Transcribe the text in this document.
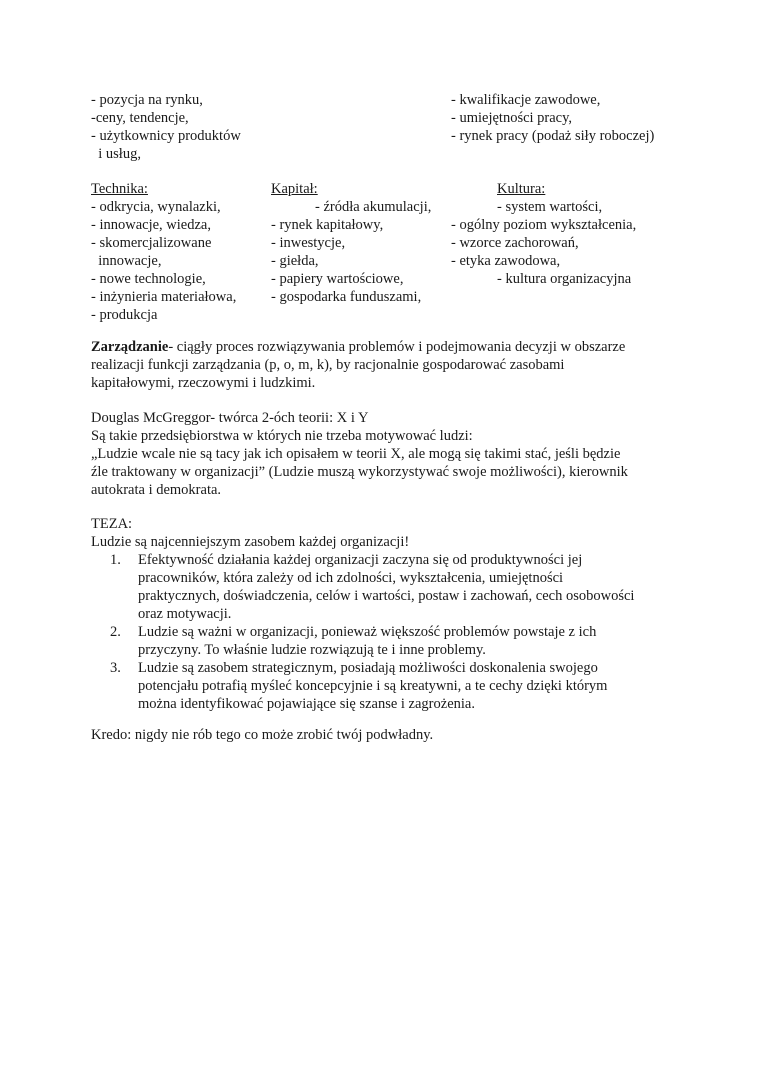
- pozycja na rynku,
-ceny, tendencje,
- użytkownicy produktów
i usług,
- kwalifikacje zawodowe,
- umiejętności pracy,
- rynek pracy (podaż siły roboczej)
Technika:
- odkrycia, wynalazki,
- innowacje, wiedza,
- skomercjalizowane
innowacje,
- nowe technologie,
- inżynieria materiałowa,
- produkcja
Kapitał:
- źródła akumulacji,
- rynek kapitałowy,
- inwestycje,
- giełda,
- papiery wartościowe,
- gospodarka funduszami,
Kultura:
- system wartości,
- ogólny poziom wykształcenia,
- wzorce zachorowań,
- etyka zawodowa,
- kultura organizacyjna
Zarządzanie- ciągły proces rozwiązywania problemów i podejmowania decyzji w obszarze
realizacji funkcji zarządzania (p, o, m, k), by racjonalnie gospodarować zasobami
kapitałowymi, rzeczowymi i ludzkimi.
Douglas McGreggor- twórca 2-óch teorii: X i Y
Są takie przedsiębiorstwa w których nie trzeba motywować ludzi:
„Ludzie wcale nie są tacy jak ich opisałem w teorii X, ale mogą się takimi stać, jeśli będzie
źle traktowany w organizacji” (Ludzie muszą wykorzystywać swoje możliwości), kierownik
autokrata i demokrata.
TEZA:
Ludzie są najcenniejszym zasobem każdej organizacji!
1. Efektywność działania każdej organizacji zaczyna się od produktywności jej
pracowników, która zależy od ich zdolności, wykształcenia, umiejętności
praktycznych, doświadczenia, celów i wartości, postaw i zachowań, cech osobowości
oraz motywacji.
2. Ludzie są ważni w organizacji, ponieważ większość problemów powstaje z ich
przyczyny. To właśnie ludzie rozwiązują te i inne problemy.
3. Ludzie są zasobem strategicznym, posiadają możliwości doskonalenia swojego
potencjału potrafią myśleć koncepcyjnie i są kreatywni, a te cechy dzięki którym
można identyfikować pojawiające się szanse i zagrożenia.
Kredo: nigdy nie rób tego co może zrobić twój podwładny.
